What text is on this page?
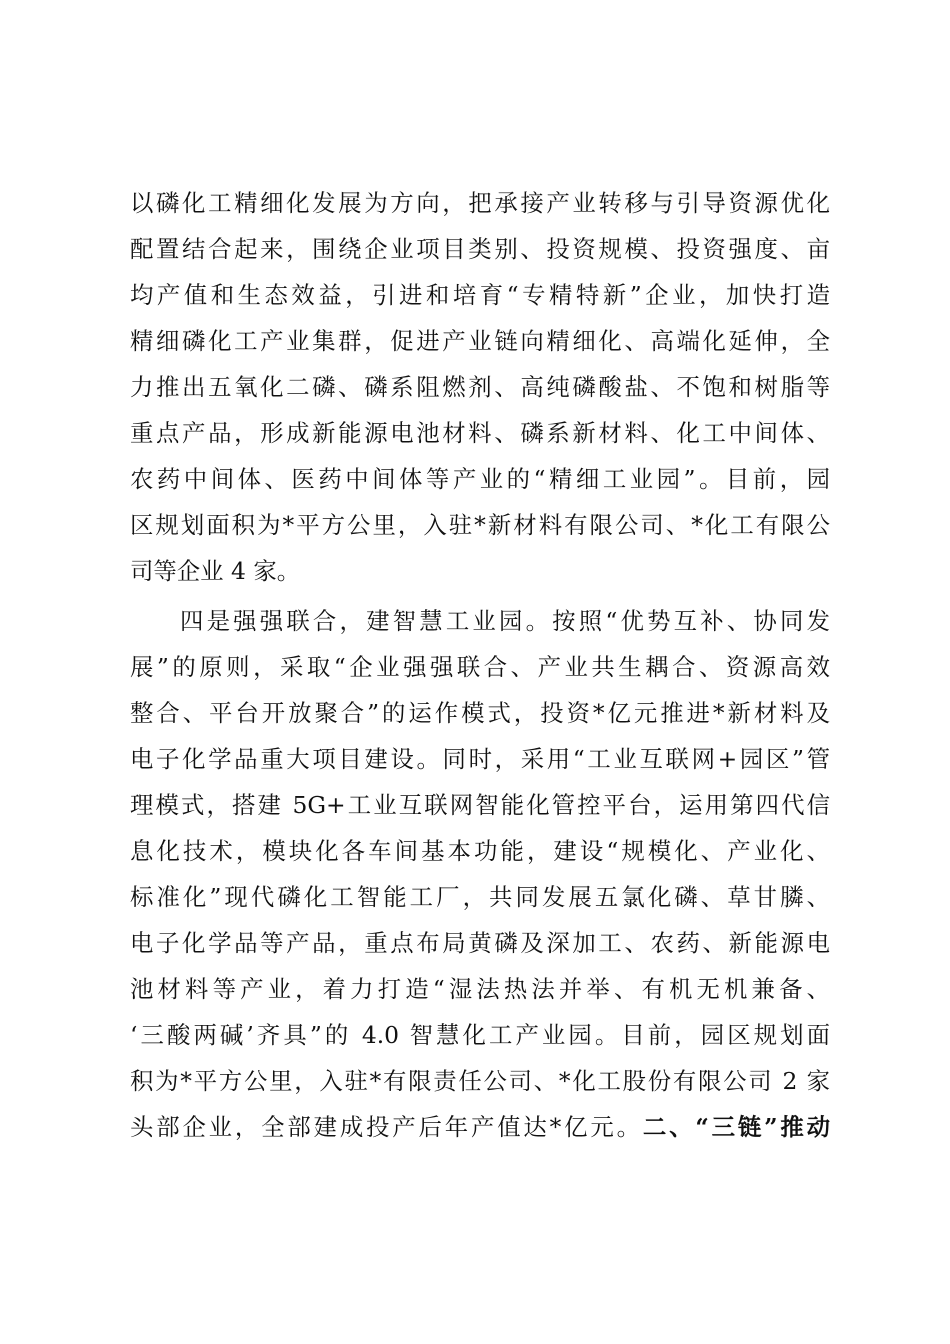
以磷化工精细化发展为方向，把承接产业转移与引导资源优化
配置结合起来，围绕企业项目类别、投资规模、投资强度、亩
均产值和生态效益，引进和培育“专精特新”企业，加快打造
精细磷化工产业集群，促进产业链向精细化、高端化延伸，全
力推出五氧化二磷、磷系阻燃剂、高纯磷酸盐、不饱和树脂等
重点产品，形成新能源电池材料、磷系新材料、化工中间体、
农药中间体、医药中间体等产业的“精细工业园”。目前，园
区规划面积为*平方公里，入驻*新材料有限公司、*化工有限公
司等企业 4 家。
四是强强联合，建智慧工业园。按照“优势互补、协同发
展”的原则，采取“企业强强联合、产业共生耦合、资源高效
整合、平台开放聚合”的运作模式，投资*亿元推进*新材料及
电子化学品重大项目建设。同时，采用“工业互联网+园区”管
理模式，搭建 5G+工业互联网智能化管控平台，运用第四代信
息化技术，模块化各车间基本功能，建设“规模化、产业化、
标准化”现代磷化工智能工厂，共同发展五氯化磷、草甘膦、
电子化学品等产品，重点布局黄磷及深加工、农药、新能源电
池材料等产业，着力打造“湿法热法并举、有机无机兼备、
‘三酸两碱’齐具”的 4.0 智慧化工产业园。目前，园区规划面
积为*平方公里，入驻*有限责任公司、*化工股份有限公司 2 家
头部企业，全部建成投产后年产值达*亿元。二、“三链”推动
